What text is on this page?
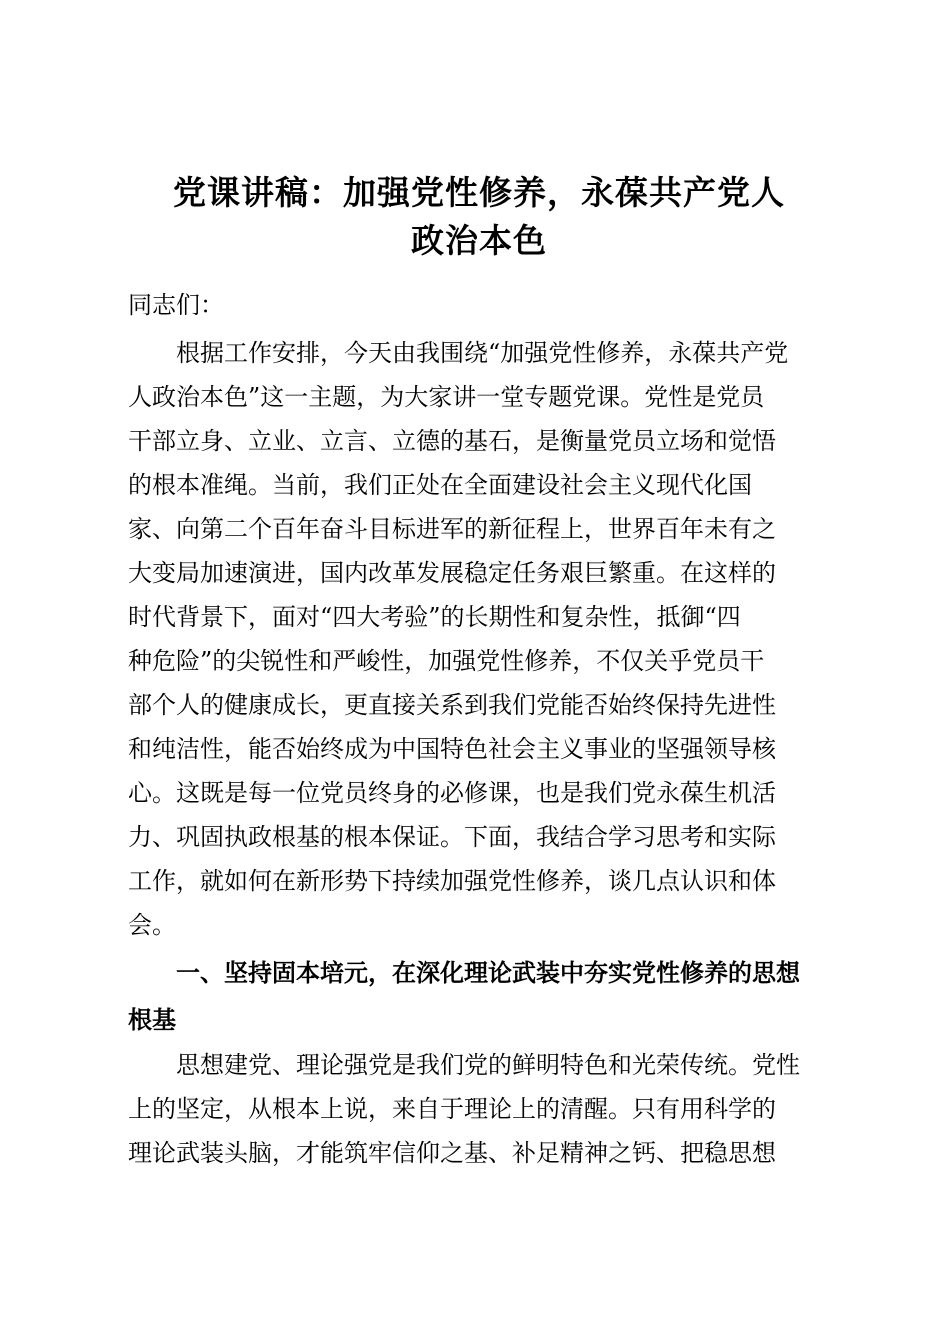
党课讲稿：加强党性修养，永葆共产党人
政治本色
同志们：
　　根据工作安排，今天由我围绕“加强党性修养，永葆共产党
人政治本色”这一主题，为大家讲一堂专题党课。党性是党员
干部立身、立业、立言、立德的基石，是衡量党员立场和觉悟
的根本准绳。当前，我们正处在全面建设社会主义现代化国
家、向第二个百年奋斗目标进军的新征程上，世界百年未有之
大变局加速演进，国内改革发展稳定任务艰巨繁重。在这样的
时代背景下，面对“四大考验”的长期性和复杂性，抵御“四
种危险”的尖锐性和严峻性，加强党性修养，不仅关乎党员干
部个人的健康成长，更直接关系到我们党能否始终保持先进性
和纯洁性，能否始终成为中国特色社会主义事业的坚强领导核
心。这既是每一位党员终身的必修课，也是我们党永葆生机活
力、巩固执政根基的根本保证。下面，我结合学习思考和实际
工作，就如何在新形势下持续加强党性修养，谈几点认识和体
会。
　　一、坚持固本培元，在深化理论武装中夯实党性修养的思想
根基
　　思想建党、理论强党是我们党的鲜明特色和光荣传统。党性
上的坚定，从根本上说，来自于理论上的清醒。只有用科学的
理论武装头脑，才能筑牢信仰之基、补足精神之钙、把稳思想
